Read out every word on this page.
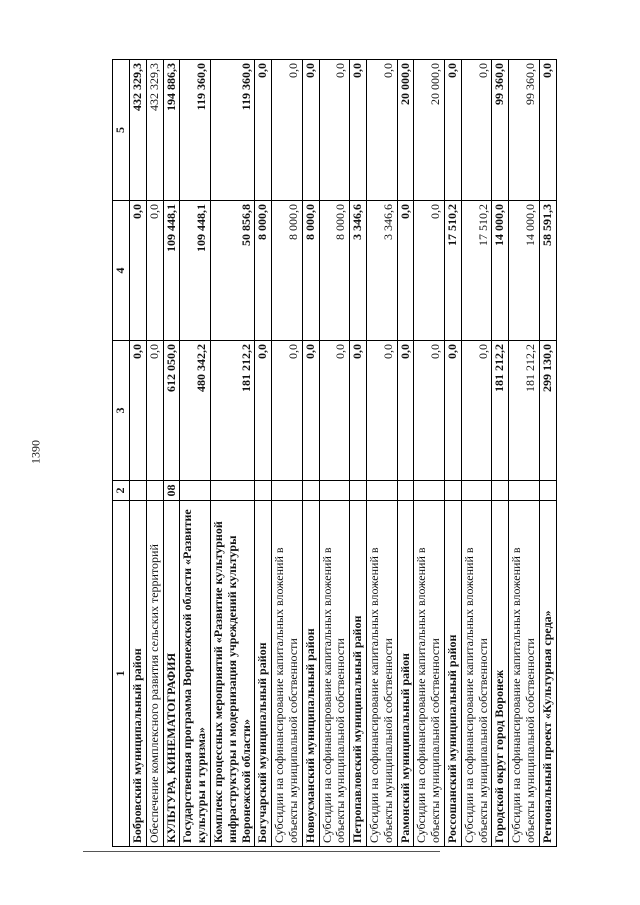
1390
1	2	3	4	5
Бобровский муниципальный район		0,0	0,0	432 329,3
Обеспечение комплексного развития сельских территорий		0,0	0,0	432 329,3
КУЛЬТУРА, КИНЕМАТОГРАФИЯ	08	612 050,0	109 448,1	194 886,3
Государственная программа Воронежской области «Развитие культуры и туризма»		480 342,2	109 448,1	119 360,0
Комплекс процессных мероприятий «Развитие культурной инфраструктуры и модернизация учреждений культуры Воронежской области»		181 212,2	50 856,8	119 360,0
Богучарский муниципальный район		0,0	8 000,0	0,0
Субсидии на софинансирование капитальных вложений в объекты муниципальной собственности		0,0	8 000,0	0,0
Новоусманский муниципальный район		0,0	8 000,0	0,0
Субсидии на софинансирование капитальных вложений в объекты муниципальной собственности		0,0	8 000,0	0,0
Петропавловский муниципальный район		0,0	3 346,6	0,0
Субсидии на софинансирование капитальных вложений в объекты муниципальной собственности		0,0	3 346,6	0,0
Рамонский муниципальный район		0,0	0,0	20 000,0
Субсидии на софинансирование капитальных вложений в объекты муниципальной собственности		0,0	0,0	20 000,0
Россошанский муниципальный район		0,0	17 510,2	0,0
Субсидии на софинансирование капитальных вложений в объекты муниципальной собственности		0,0	17 510,2	0,0
Городской округ город Воронеж		181 212,2	14 000,0	99 360,0
Субсидии на софинансирование капитальных вложений в объекты муниципальной собственности		181 212,2	14 000,0	99 360,0
Региональный проект «Культурная среда»		299 130,0	58 591,3	0,0
